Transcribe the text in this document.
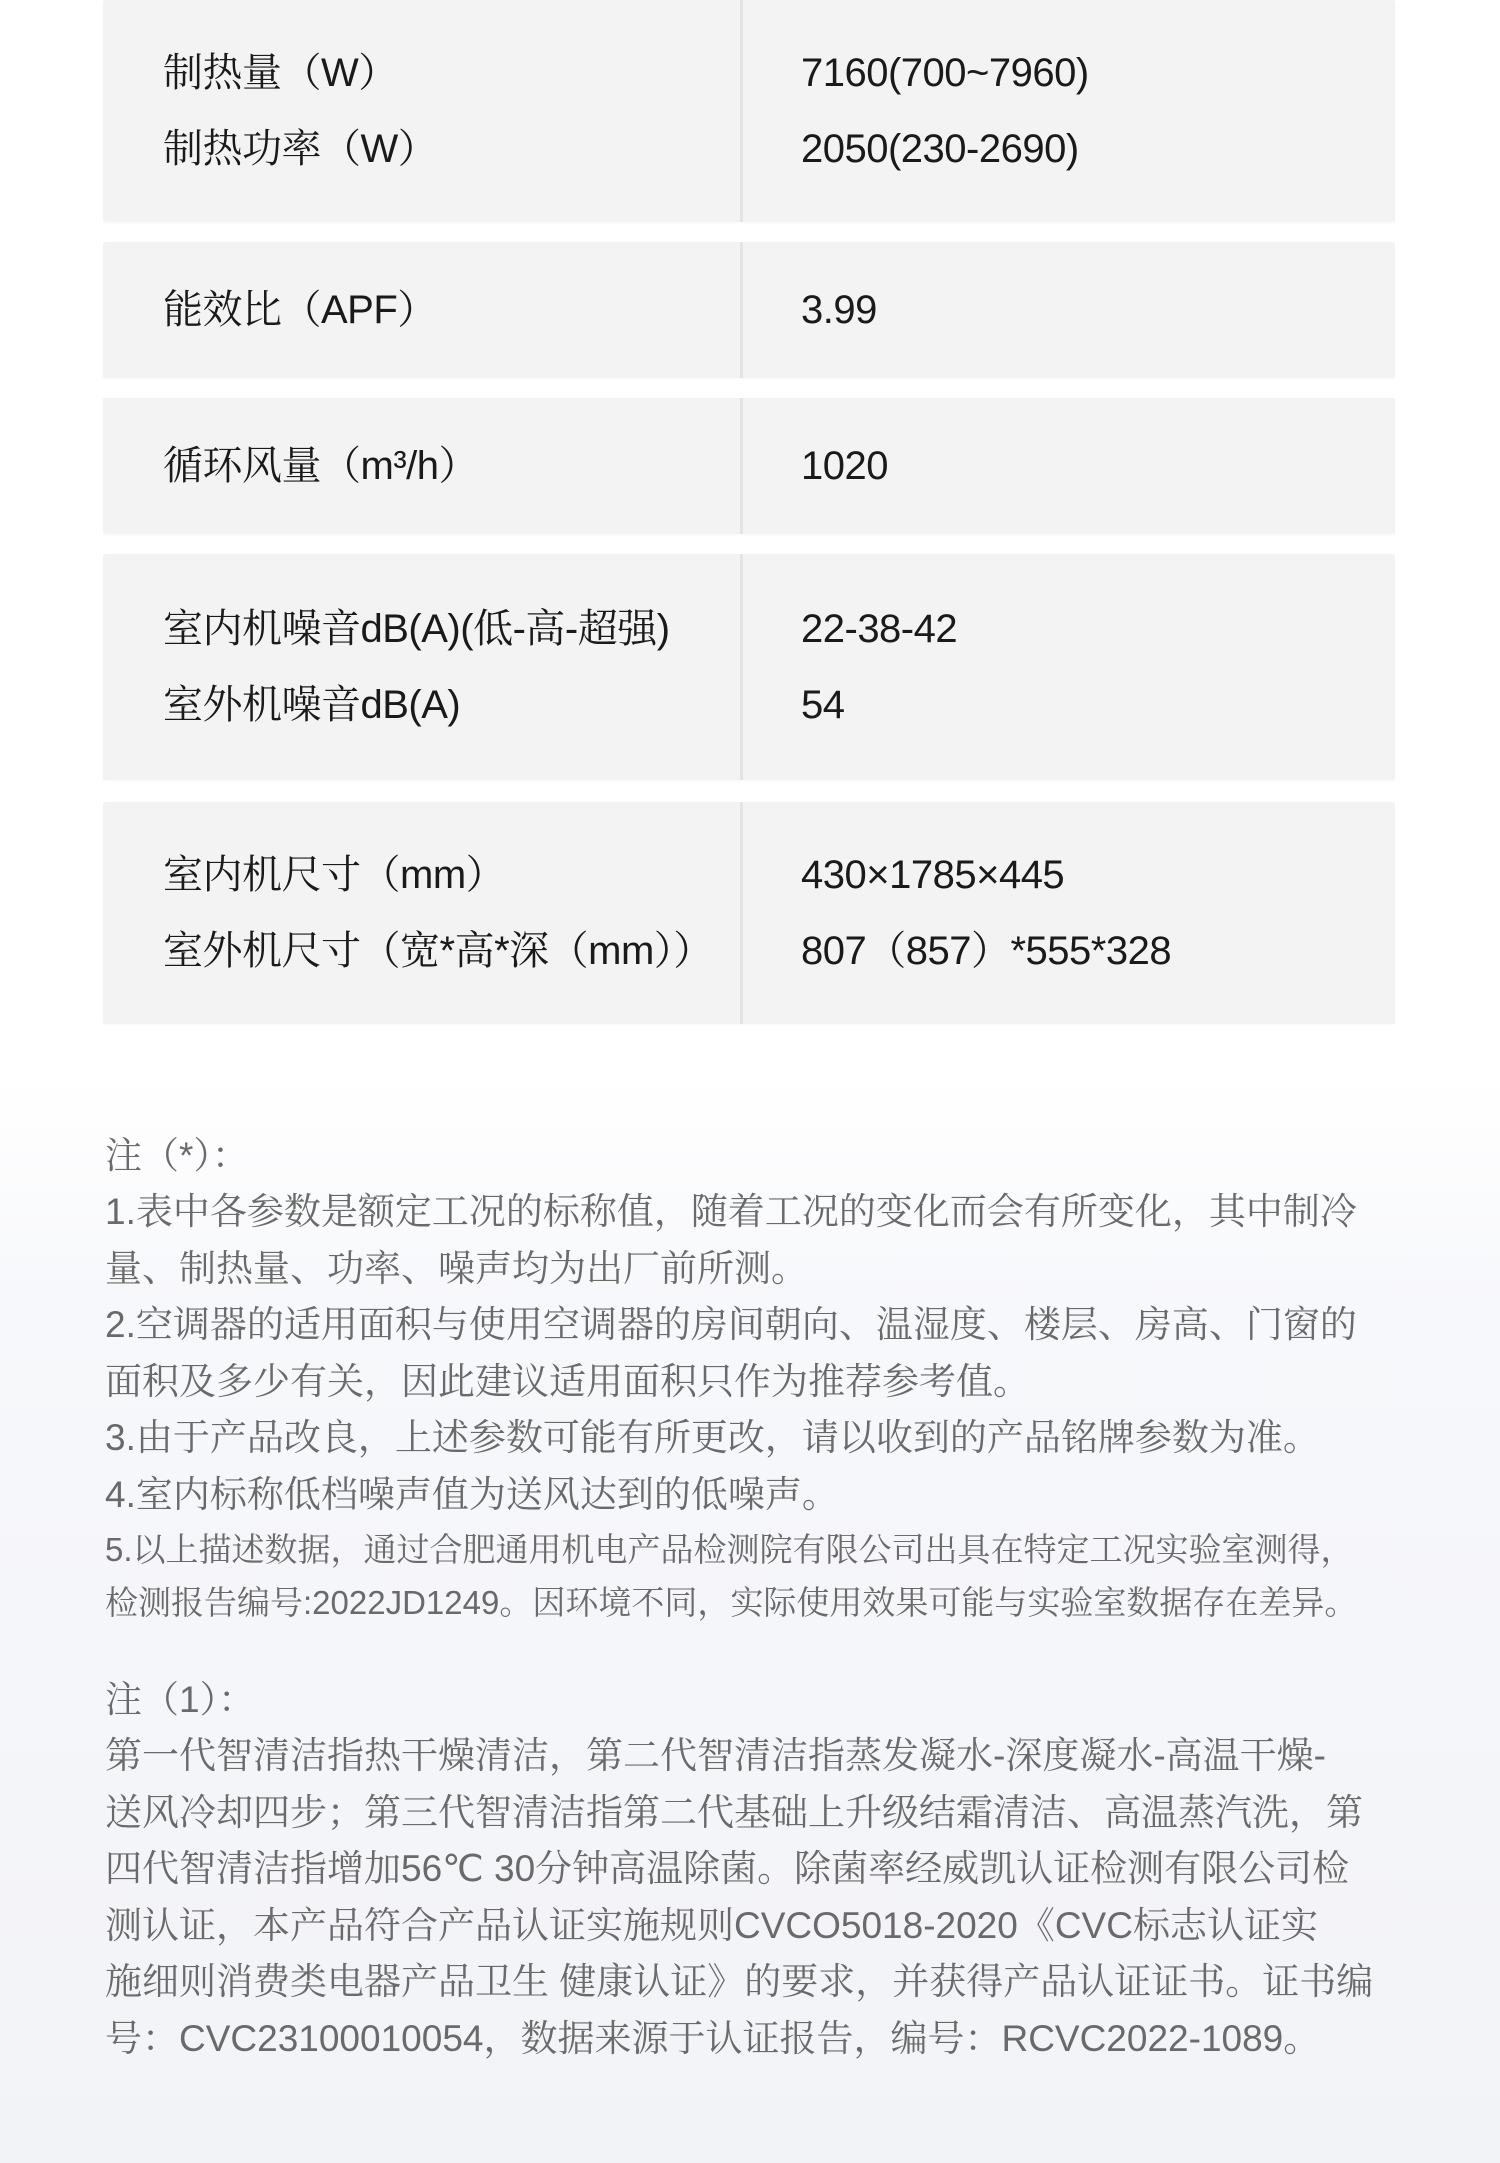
制热量（W）
制热功率（W）
7160(700~7960)
2050(230-2690)
能效比（APF）	3.99
循环风量（m³/h）	1020
室内机噪音dB(A)(低-高-超强)
室外机噪音dB(A)
22-38-42
54
室内机尺寸（mm）
室外机尺寸（宽*高*深（mm））
430×1785×445
807（857）*555*328
注（*）：
1.表中各参数是额定工况的标称值，随着工况的变化而会有所变化，其中制冷
量、制热量、功率、噪声均为出厂前所测。
2.空调器的适用面积与使用空调器的房间朝向、温湿度、楼层、房高、门窗的
面积及多少有关，因此建议适用面积只作为推荐参考值。
3.由于产品改良，上述参数可能有所更改，请以收到的产品铭牌参数为准。
4.室内标称低档噪声值为送风达到的低噪声。
5.以上描述数据，通过合肥通用机电产品检测院有限公司出具在特定工况实验室测得，
检测报告编号:2022JD1249。因环境不同，实际使用效果可能与实验室数据存在差异。
注（1）：
第一代智清洁指热干燥清洁，第二代智清洁指蒸发凝水-深度凝水-高温干燥-
送风冷却四步；第三代智清洁指第二代基础上升级结霜清洁、高温蒸汽洗，第
四代智清洁指增加56℃ 30分钟高温除菌。除菌率经威凯认证检测有限公司检
测认证，本产品符合产品认证实施规则CVCO5018-2020《CVC标志认证实
施细则消费类电器产品卫生 健康认证》的要求，并获得产品认证证书。证书编
号：CVC23100010054，数据来源于认证报告，编号：RCVC2022-1089。
